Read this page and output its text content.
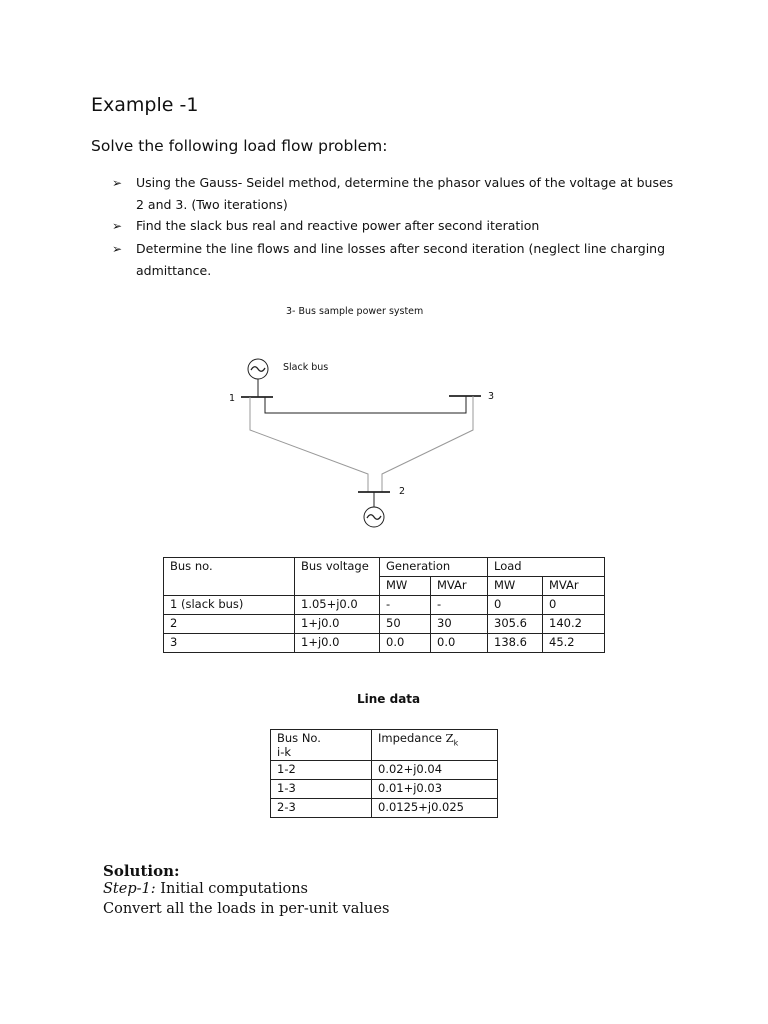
Example -1
Solve the following load flow problem:
➢ Using the Gauss- Seidel method, determine the phasor values of the voltage at buses 2 and 3. (Two iterations)
➢ Find the slack bus real and reactive power after second iteration
➢ Determine the line flows and line losses after second iteration (neglect line charging admittance.
3- Bus sample power system
Slack bus
1
2
3
Bus no.	Bus voltage	Generation		Load	
		MW	MVAr	MW	MVAr
1 (slack bus)	1.05+j0.0	-	-	0	0
2	1+j0.0	50	30	305.6	140.2
3	1+j0.0	0.0	0.0	138.6	45.2
Line data
Bus No.
i-k	Impedance $Z_k$
1-2	0.02+j0.04
1-3	0.01+j0.03
2-3	0.0125+j0.025
Solution:
Step-1: Initial computations
Convert all the loads in per-unit values
